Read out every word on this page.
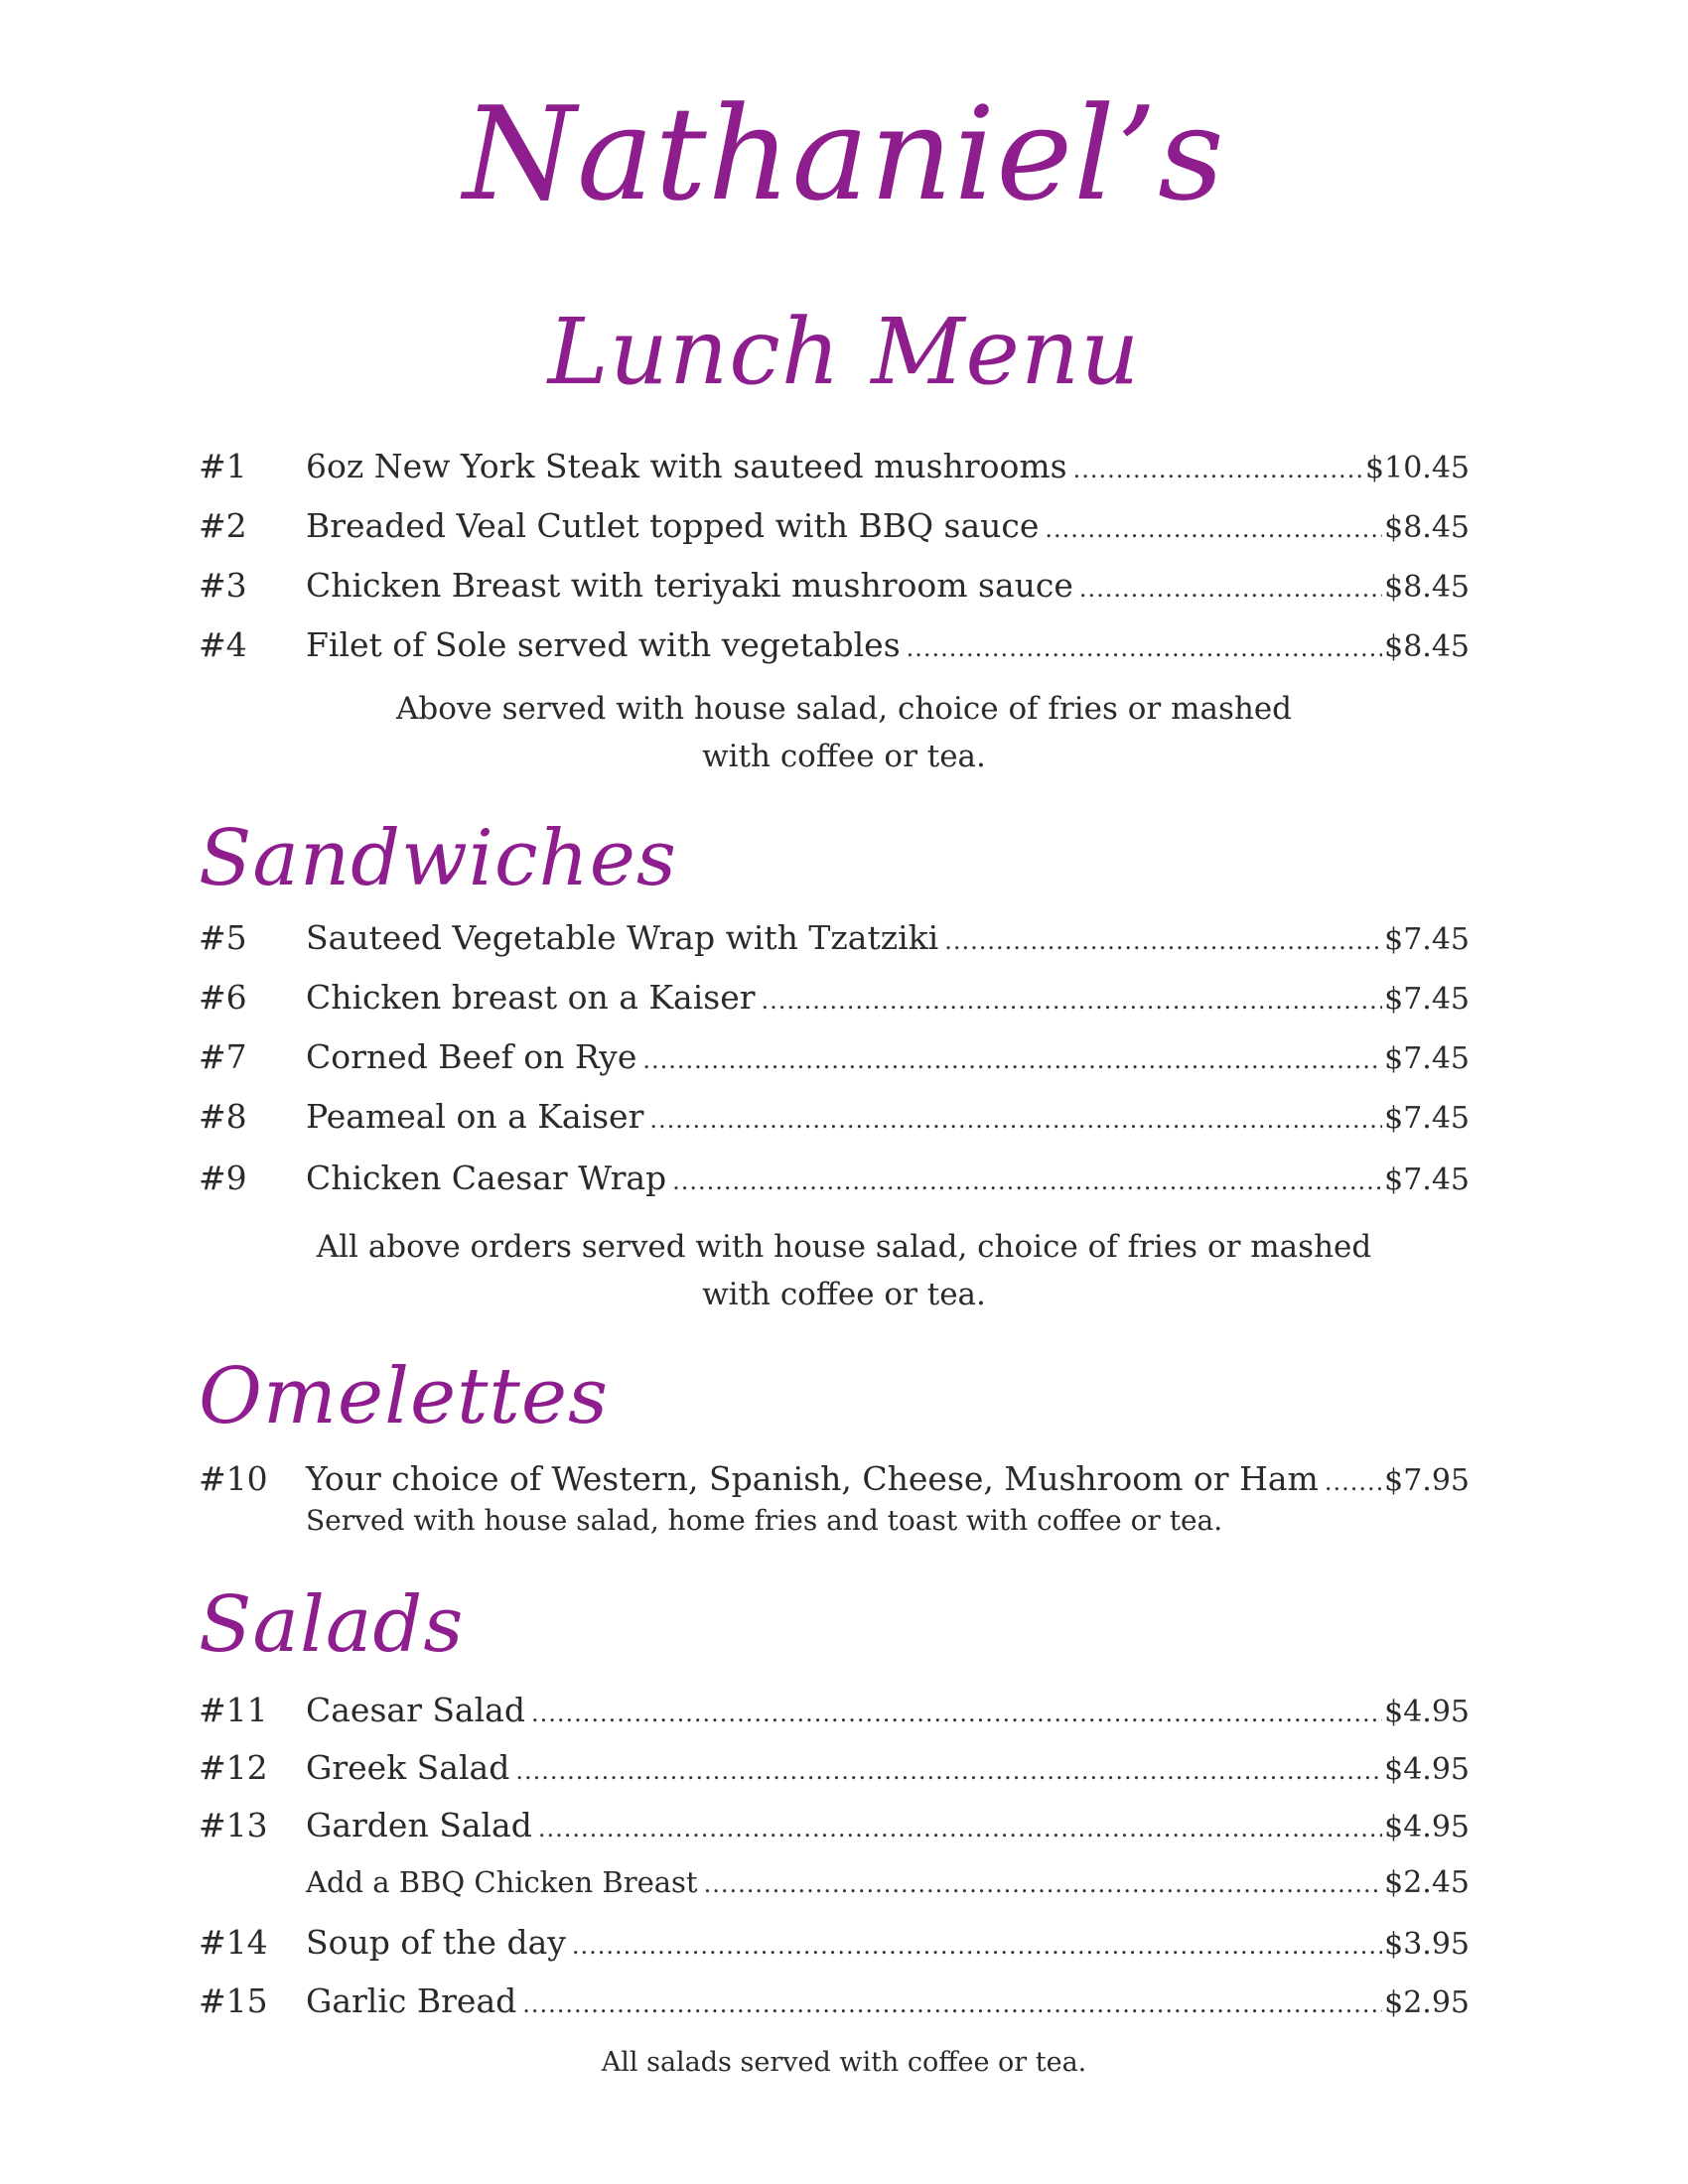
Nathaniel’s
Lunch Menu
#1	6oz New York Steak with sauteed mushrooms .....	$10.45
#2	Breaded Veal Cutlet topped with BBQ sauce .....	$8.45
#3	Chicken Breast with teriyaki mushroom sauce .....	$8.45
#4	Filet of Sole served with vegetables .....	$8.45
Above served with house salad, choice of fries or mashed
with coffee or tea.
Sandwiches
#5	Sauteed Vegetable Wrap with Tzatziki .....	$7.45
#6	Chicken breast on a Kaiser .....	$7.45
#7	Corned Beef on Rye .....	$7.45
#8	Peameal on a Kaiser .....	$7.45
#9	Chicken Caesar Wrap .....	$7.45
All above orders served with house salad, choice of fries or mashed
with coffee or tea.
Omelettes
#10	Your choice of Western, Spanish, Cheese, Mushroom or Ham ..... $7.95
Served with house salad, home fries and toast with coffee or tea.
Salads
#11	Caesar Salad .....	$4.95
#12	Greek Salad .....	$4.95
#13	Garden Salad .....	$4.95
Add a BBQ Chicken Breast .....	$2.45
#14	Soup of the day .....	$3.95
#15	Garlic Bread .....	$2.95
All salads served with coffee or tea.
